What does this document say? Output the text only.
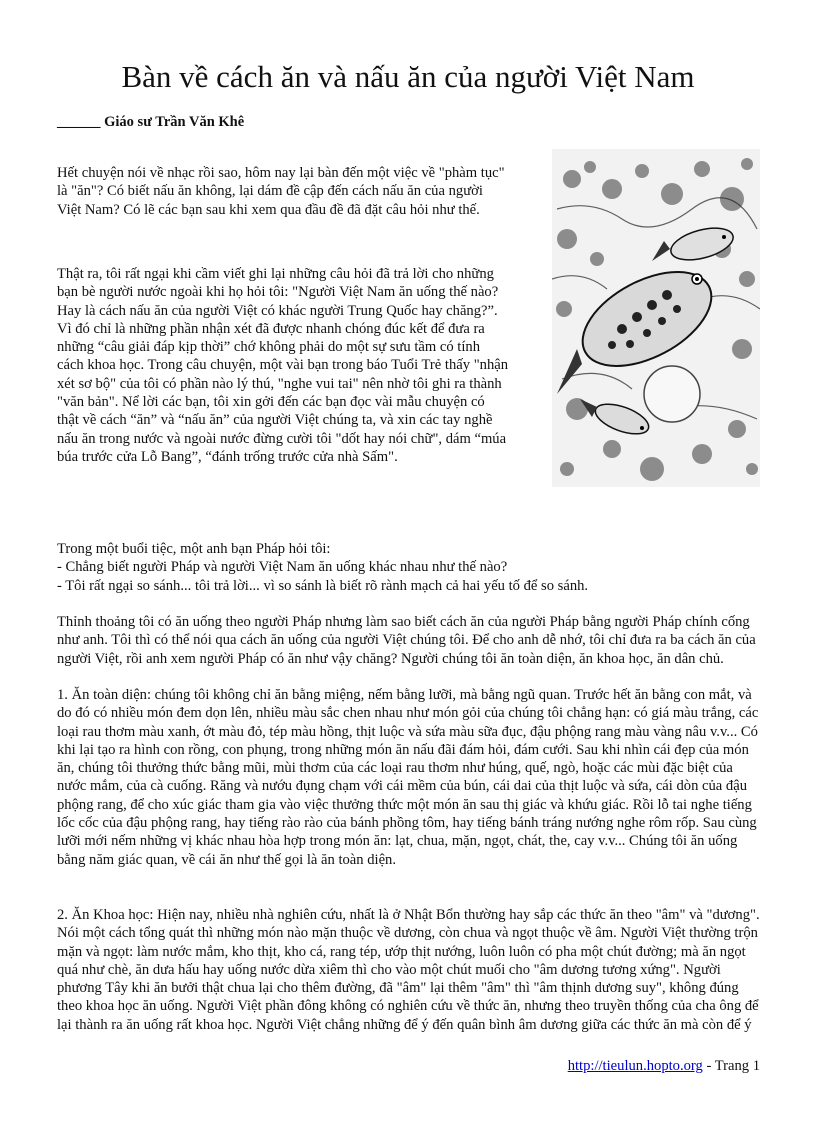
Bàn về cách ăn và nấu ăn của người Việt Nam
______ Giáo sư Trần Văn Khê

Hết chuyện nói về nhạc rồi sao, hôm nay lại bàn đến một việc về "phàm tục" là "ăn"? Có biết nấu ăn không, lại dám đề cập đến cách nấu ăn của người Việt Nam? Có lẽ các bạn sau khi xem qua đầu đề đã đặt câu hỏi như thế.

Thật ra, tôi rất ngại khi cầm viết ghi lại những câu hỏi đã trả lời cho những bạn bè người nước ngoài khi họ hỏi tôi: "Người Việt Nam ăn uống thế nào? Hay là cách nấu ăn của người Việt có khác người Trung Quốc hay chăng?”. Vì đó chỉ là những phần nhận xét đã được nhanh chóng đúc kết để đưa ra những “câu giải đáp kịp thời” chớ không phải do một sự sưu tầm có tính cách khoa học. Trong câu chuyện, một vài bạn trong báo Tuổi Trẻ thấy "nhận xét sơ bộ" của tôi có phần nào lý thú, "nghe vui tai" nên nhờ tôi ghi ra thành "văn bản". Nể lời các bạn, tôi xin gởi đến các bạn đọc vài mẫu chuyện có thật về cách “ăn” và “nấu ăn” của người Việt chúng ta, và xin các tay nghề nấu ăn trong nước và ngoài nước đừng cười tôi "dốt hay nói chữ", dám “múa búa trước cửa Lỗ Bang”, “đánh trống trước cửa nhà Sấm".

Trong một buổi tiệc, một anh bạn Pháp hỏi tôi:
- Chẳng biết người Pháp và người Việt Nam ăn uống khác nhau như thế nào?
- Tôi rất ngại so sánh... tôi trả lời... vì so sánh là biết rõ rành mạch cả hai yếu tố để so sánh.

Thỉnh thoảng tôi có ăn uống theo người Pháp nhưng làm sao biết cách ăn của người Pháp bằng người Pháp chính cống như anh. Tôi thì có thể nói qua cách ăn uống của người Việt chúng tôi. Để cho anh dễ nhớ, tôi chỉ đưa ra ba cách ăn của người Việt, rồi anh xem người Pháp có ăn như vậy chăng? Người chúng tôi ăn toàn diện, ăn khoa học, ăn dân chủ.

1. Ăn toàn diện: chúng tôi không chỉ ăn bằng miệng, nếm bằng lưỡi, mà bằng ngũ quan. Trước hết ăn bằng con mắt, và do đó có nhiều món đem dọn lên, nhiều màu sắc chen nhau như món gỏi của chúng tôi chẳng hạn: có giá màu trắng, các loại rau thơm màu xanh, ớt màu đỏ, tép màu hồng, thịt luộc và sứa màu sữa đục, đậu phộng rang màu vàng nâu v.v... Có khi lại tạo ra hình con rồng, con phụng, trong những món ăn nấu đãi đám hỏi, đám cưới. Sau khi nhìn cái đẹp của món ăn, chúng tôi thưởng thức bằng mũi, mùi thơm của các loại rau thơm như húng, quế, ngò, hoặc các mùi đặc biệt của nước mắm, của cà cuống. Răng và nướu đụng chạm với cái mềm của bún, cái dai của thịt luộc và sứa, cái dòn của đậu phộng rang, để cho xúc giác tham gia vào việc thưởng thức một món ăn sau thị giác và khứu giác. Rồi lỗ tai nghe tiếng lốc cốc của đậu phộng rang, hay tiếng rào rào của bánh phồng tôm, hay tiếng bánh tráng nướng nghe rôm rốp. Sau cùng lưỡi mới nếm những vị khác nhau hòa hợp trong món ăn: lạt, chua, mặn, ngọt, chát, the, cay v.v... Chúng tôi ăn uống bằng năm giác quan, về cái ăn như thế gọi là ăn toàn diện.

2. Ăn Khoa học: Hiện nay, nhiều nhà nghiên cứu, nhất là ở Nhật Bổn thường hay sắp các thức ăn theo "âm" và "dương". Nói một cách tổng quát thì những món nào mặn thuộc về dương, còn chua và ngọt thuộc về âm. Người Việt thường trộn mặn và ngọt: làm nước mắm, kho thịt, kho cá, rang tép, ướp thịt nướng, luôn luôn có pha một chút đường; mà ăn ngọt quá như chè, ăn dưa hấu hay uống nước dừa xiêm thì cho vào một chút muối cho "âm dương tương xứng". Người phương Tây khi ăn bưởi thật chua lại cho thêm đường, đã "âm" lại thêm "âm" thì "âm thịnh dương suy", không đúng theo khoa học ăn uống. Người Việt phần đông không có nghiên cứu về thức ăn, nhưng theo truyền thống của cha ông để lại thành ra ăn uống rất khoa học. Người Việt chẳng những để ý đến quân bình âm dương giữa các thức ăn mà còn để ý

http://tieulun.hopto.org - Trang 1
